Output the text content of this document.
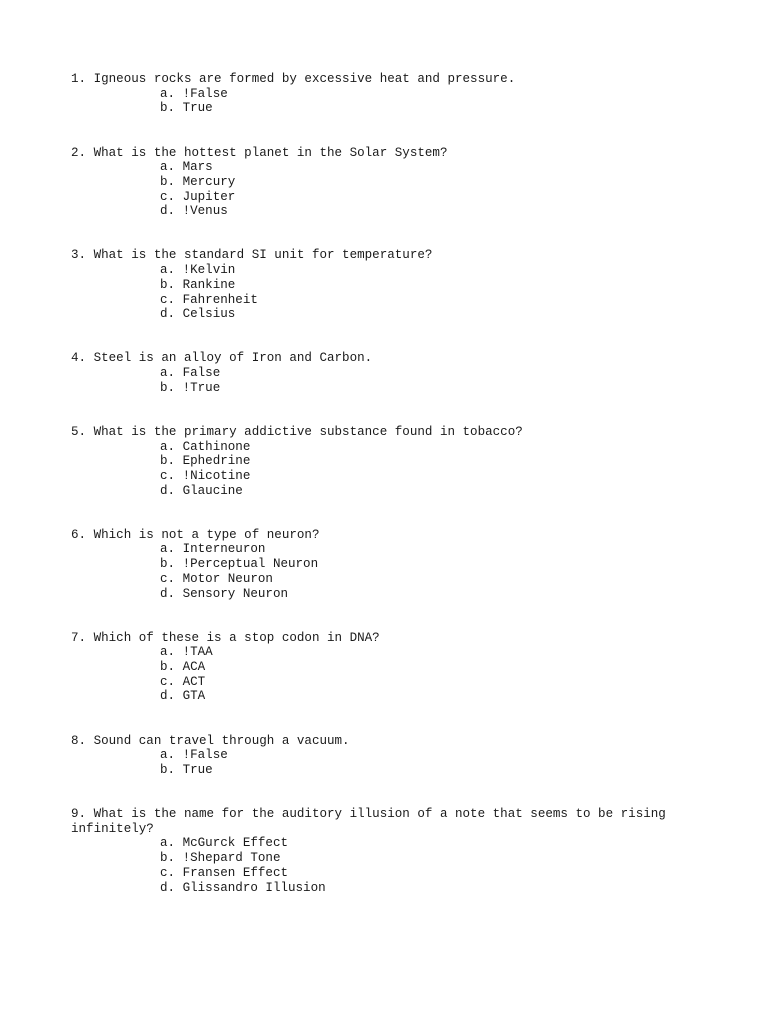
1. Igneous rocks are formed by excessive heat and pressure.
a. !False
b. True
2. What is the hottest planet in the Solar System?
a. Mars
b. Mercury
c. Jupiter
d. !Venus
3. What is the standard SI unit for temperature?
a. !Kelvin
b. Rankine
c. Fahrenheit
d. Celsius
4. Steel is an alloy of Iron and Carbon.
a. False
b. !True
5. What is the primary addictive substance found in tobacco?
a. Cathinone
b. Ephedrine
c. !Nicotine
d. Glaucine
6. Which is not a type of neuron?
a. Interneuron
b. !Perceptual Neuron
c. Motor Neuron
d. Sensory Neuron
7. Which of these is a stop codon in DNA?
a. !TAA
b. ACA
c. ACT
d. GTA
8. Sound can travel through a vacuum.
a. !False
b. True
9. What is the name for the auditory illusion of a note that seems to be rising infinitely?
a. McGurck Effect
b. !Shepard Tone
c. Fransen Effect
d. Glissandro Illusion
